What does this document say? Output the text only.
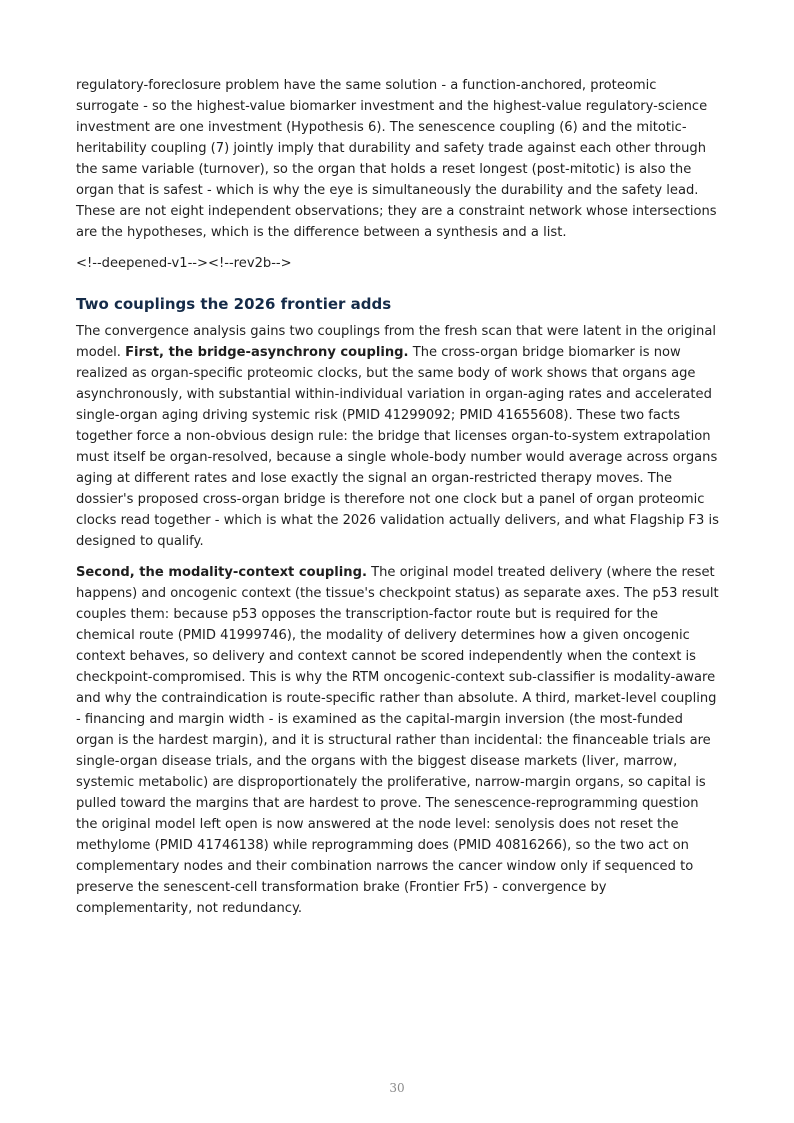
regulatory-foreclosure problem have the same solution - a function-anchored, proteomic surrogate - so the highest-value biomarker investment and the highest-value regulatory-science investment are one investment (Hypothesis 6). The senescence coupling (6) and the mitotic-heritability coupling (7) jointly imply that durability and safety trade against each other through the same variable (turnover), so the organ that holds a reset longest (post-mitotic) is also the organ that is safest - which is why the eye is simultaneously the durability and the safety lead. These are not eight independent observations; they are a constraint network whose intersections are the hypotheses, which is the difference between a synthesis and a list.

<!--deepened-v1--><!--rev2b-->

Two couplings the 2026 frontier adds

The convergence analysis gains two couplings from the fresh scan that were latent in the original model. First, the bridge-asynchrony coupling. The cross-organ bridge biomarker is now realized as organ-specific proteomic clocks, but the same body of work shows that organs age asynchronously, with substantial within-individual variation in organ-aging rates and accelerated single-organ aging driving systemic risk (PMID 41299092; PMID 41655608). These two facts together force a non-obvious design rule: the bridge that licenses organ-to-system extrapolation must itself be organ-resolved, because a single whole-body number would average across organs aging at different rates and lose exactly the signal an organ-restricted therapy moves. The dossier's proposed cross-organ bridge is therefore not one clock but a panel of organ proteomic clocks read together - which is what the 2026 validation actually delivers, and what Flagship F3 is designed to qualify.

Second, the modality-context coupling. The original model treated delivery (where the reset happens) and oncogenic context (the tissue's checkpoint status) as separate axes. The p53 result couples them: because p53 opposes the transcription-factor route but is required for the chemical route (PMID 41999746), the modality of delivery determines how a given oncogenic context behaves, so delivery and context cannot be scored independently when the context is checkpoint-compromised. This is why the RTM oncogenic-context sub-classifier is modality-aware and why the contraindication is route-specific rather than absolute. A third, market-level coupling - financing and margin width - is examined as the capital-margin inversion (the most-funded organ is the hardest margin), and it is structural rather than incidental: the financeable trials are single-organ disease trials, and the organs with the biggest disease markets (liver, marrow, systemic metabolic) are disproportionately the proliferative, narrow-margin organs, so capital is pulled toward the margins that are hardest to prove. The senescence-reprogramming question the original model left open is now answered at the node level: senolysis does not reset the methylome (PMID 41746138) while reprogramming does (PMID 40816266), so the two act on complementary nodes and their combination narrows the cancer window only if sequenced to preserve the senescent-cell transformation brake (Frontier Fr5) - convergence by complementarity, not redundancy.

30
